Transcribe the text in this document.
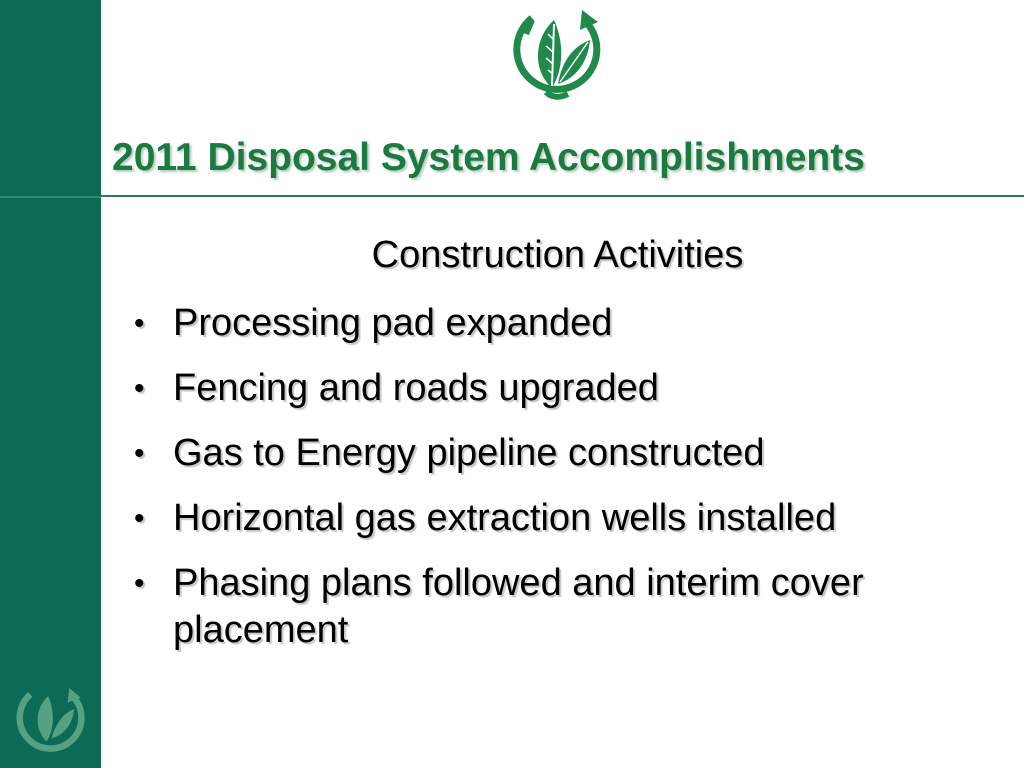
2011 Disposal System Accomplishments
Construction Activities
• Processing pad expanded
• Fencing and roads upgraded
• Gas to Energy pipeline constructed
• Horizontal gas extraction wells installed
• Phasing plans followed and interim cover placement
